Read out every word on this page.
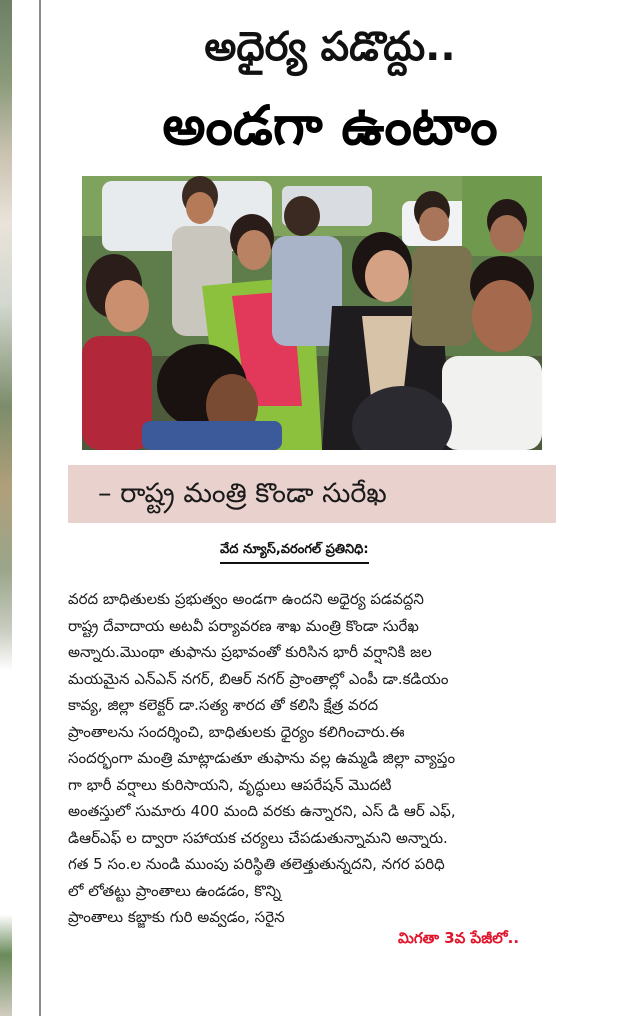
అధైర్య పడొద్దు..
అండగా ఉంటాం
– రాష్ట్ర మంత్రి కొండా సురేఖ
వేద న్యూస్,వరంగల్ ప్రతినిధి:
వరద బాధితులకు ప్రభుత్వం అండగా ఉందని అధైర్య పడవద్దని
రాష్ట్ర దేవాదాయ అటవీ పర్యావరణ శాఖ మంత్రి కొండా సురేఖ
అన్నారు.మొంథా తుఫాను ప్రభావంతో కురిసిన భారీ వర్షానికి జల
మయమైన ఎన్ఎన్ నగర్, బిఆర్ నగర్ ప్రాంతాల్లో ఎంపీ డా.కడియం
కావ్య, జిల్లా కలెక్టర్ డా.సత్య శారద తో కలిసి క్షేత్ర వరద
ప్రాంతాలను సందర్శించి, బాధితులకు ధైర్యం కలిగించారు.ఈ
సందర్భంగా మంత్రి మాట్లాడుతూ తుఫాను వల్ల ఉమ్మడి జిల్లా వ్యాప్తం
గా భారీ వర్షాలు కురిసాయని, వృద్ధులు ఆపరేషన్ మొదటి
అంతస్తులో సుమారు 400 మంది వరకు ఉన్నారని, ఎస్ డి ఆర్ ఎఫ్,
డిఆర్ఎఫ్ ల ద్వారా సహాయక చర్యలు చేపడుతున్నామని అన్నారు.
గత 5 సం.ల నుండి ముంపు పరిస్థితి తలెత్తుతున్నదని, నగర పరిధి
లో లోతట్టు ప్రాంతాలు ఉండడం, కొన్ని
ప్రాంతాలు కబ్జాకు గురి అవ్వడం, సరైన
మిగతా 3వ పేజీలో..
